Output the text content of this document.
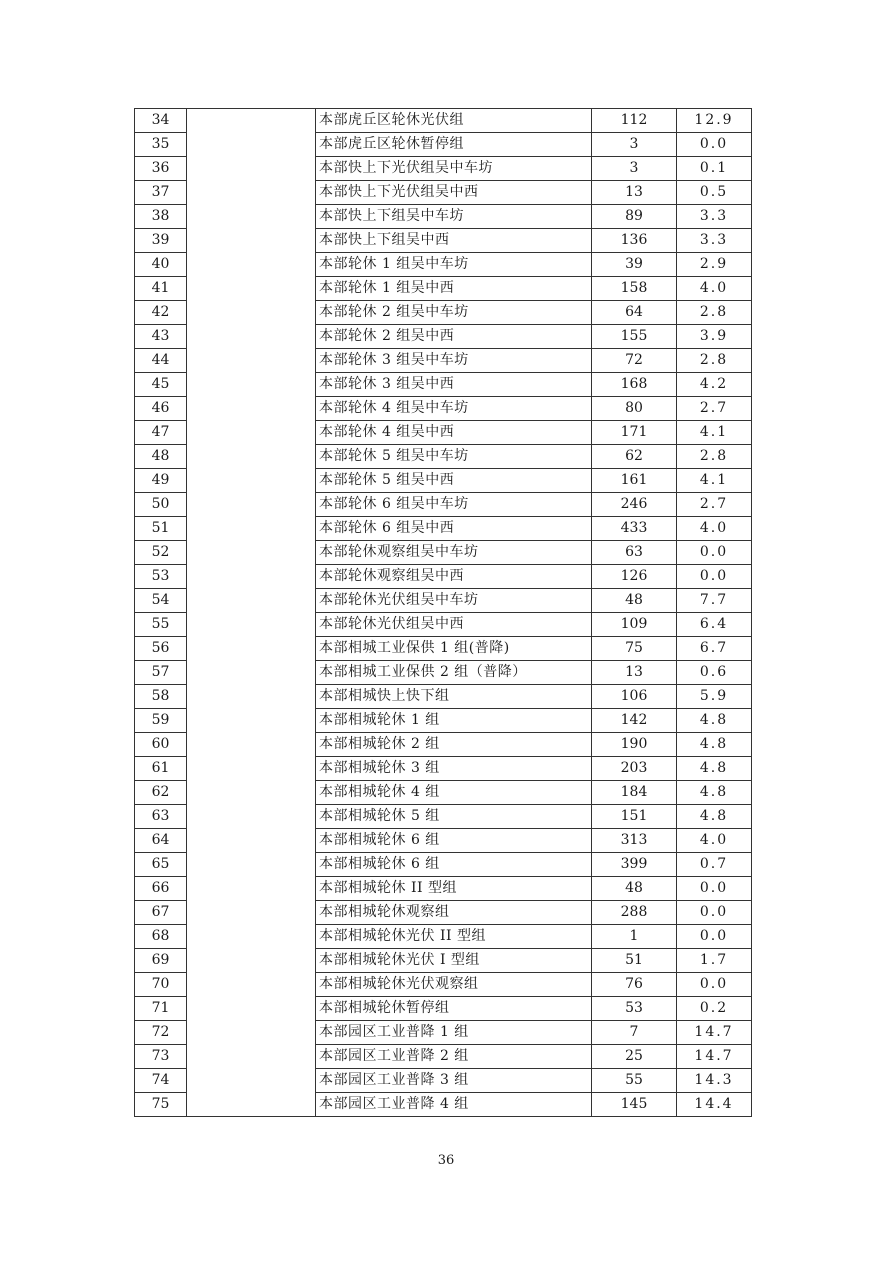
34		本部虎丘区轮休光伏组	112	12.9
35		本部虎丘区轮休暂停组	3	0.0
36		本部快上下光伏组吴中车坊	3	0.1
37		本部快上下光伏组吴中西	13	0.5
38		本部快上下组吴中车坊	89	3.3
39		本部快上下组吴中西	136	3.3
40		本部轮休 1 组吴中车坊	39	2.9
41		本部轮休 1 组吴中西	158	4.0
42		本部轮休 2 组吴中车坊	64	2.8
43		本部轮休 2 组吴中西	155	3.9
44		本部轮休 3 组吴中车坊	72	2.8
45		本部轮休 3 组吴中西	168	4.2
46		本部轮休 4 组吴中车坊	80	2.7
47		本部轮休 4 组吴中西	171	4.1
48		本部轮休 5 组吴中车坊	62	2.8
49		本部轮休 5 组吴中西	161	4.1
50		本部轮休 6 组吴中车坊	246	2.7
51		本部轮休 6 组吴中西	433	4.0
52		本部轮休观察组吴中车坊	63	0.0
53		本部轮休观察组吴中西	126	0.0
54		本部轮休光伏组吴中车坊	48	7.7
55		本部轮休光伏组吴中西	109	6.4
56		本部相城工业保供 1 组(普降)	75	6.7
57		本部相城工业保供 2 组（普降）	13	0.6
58		本部相城快上快下组	106	5.9
59		本部相城轮休 1 组	142	4.8
60		本部相城轮休 2 组	190	4.8
61		本部相城轮休 3 组	203	4.8
62		本部相城轮休 4 组	184	4.8
63		本部相城轮休 5 组	151	4.8
64		本部相城轮休 6 组	313	4.0
65		本部相城轮休 6 组	399	0.7
66		本部相城轮休 II 型组	48	0.0
67		本部相城轮休观察组	288	0.0
68		本部相城轮休光伏 II 型组	1	0.0
69		本部相城轮休光伏 I 型组	51	1.7
70		本部相城轮休光伏观察组	76	0.0
71		本部相城轮休暂停组	53	0.2
72		本部园区工业普降 1 组	7	14.7
73		本部园区工业普降 2 组	25	14.7
74		本部园区工业普降 3 组	55	14.3
75		本部园区工业普降 4 组	145	14.4
36
